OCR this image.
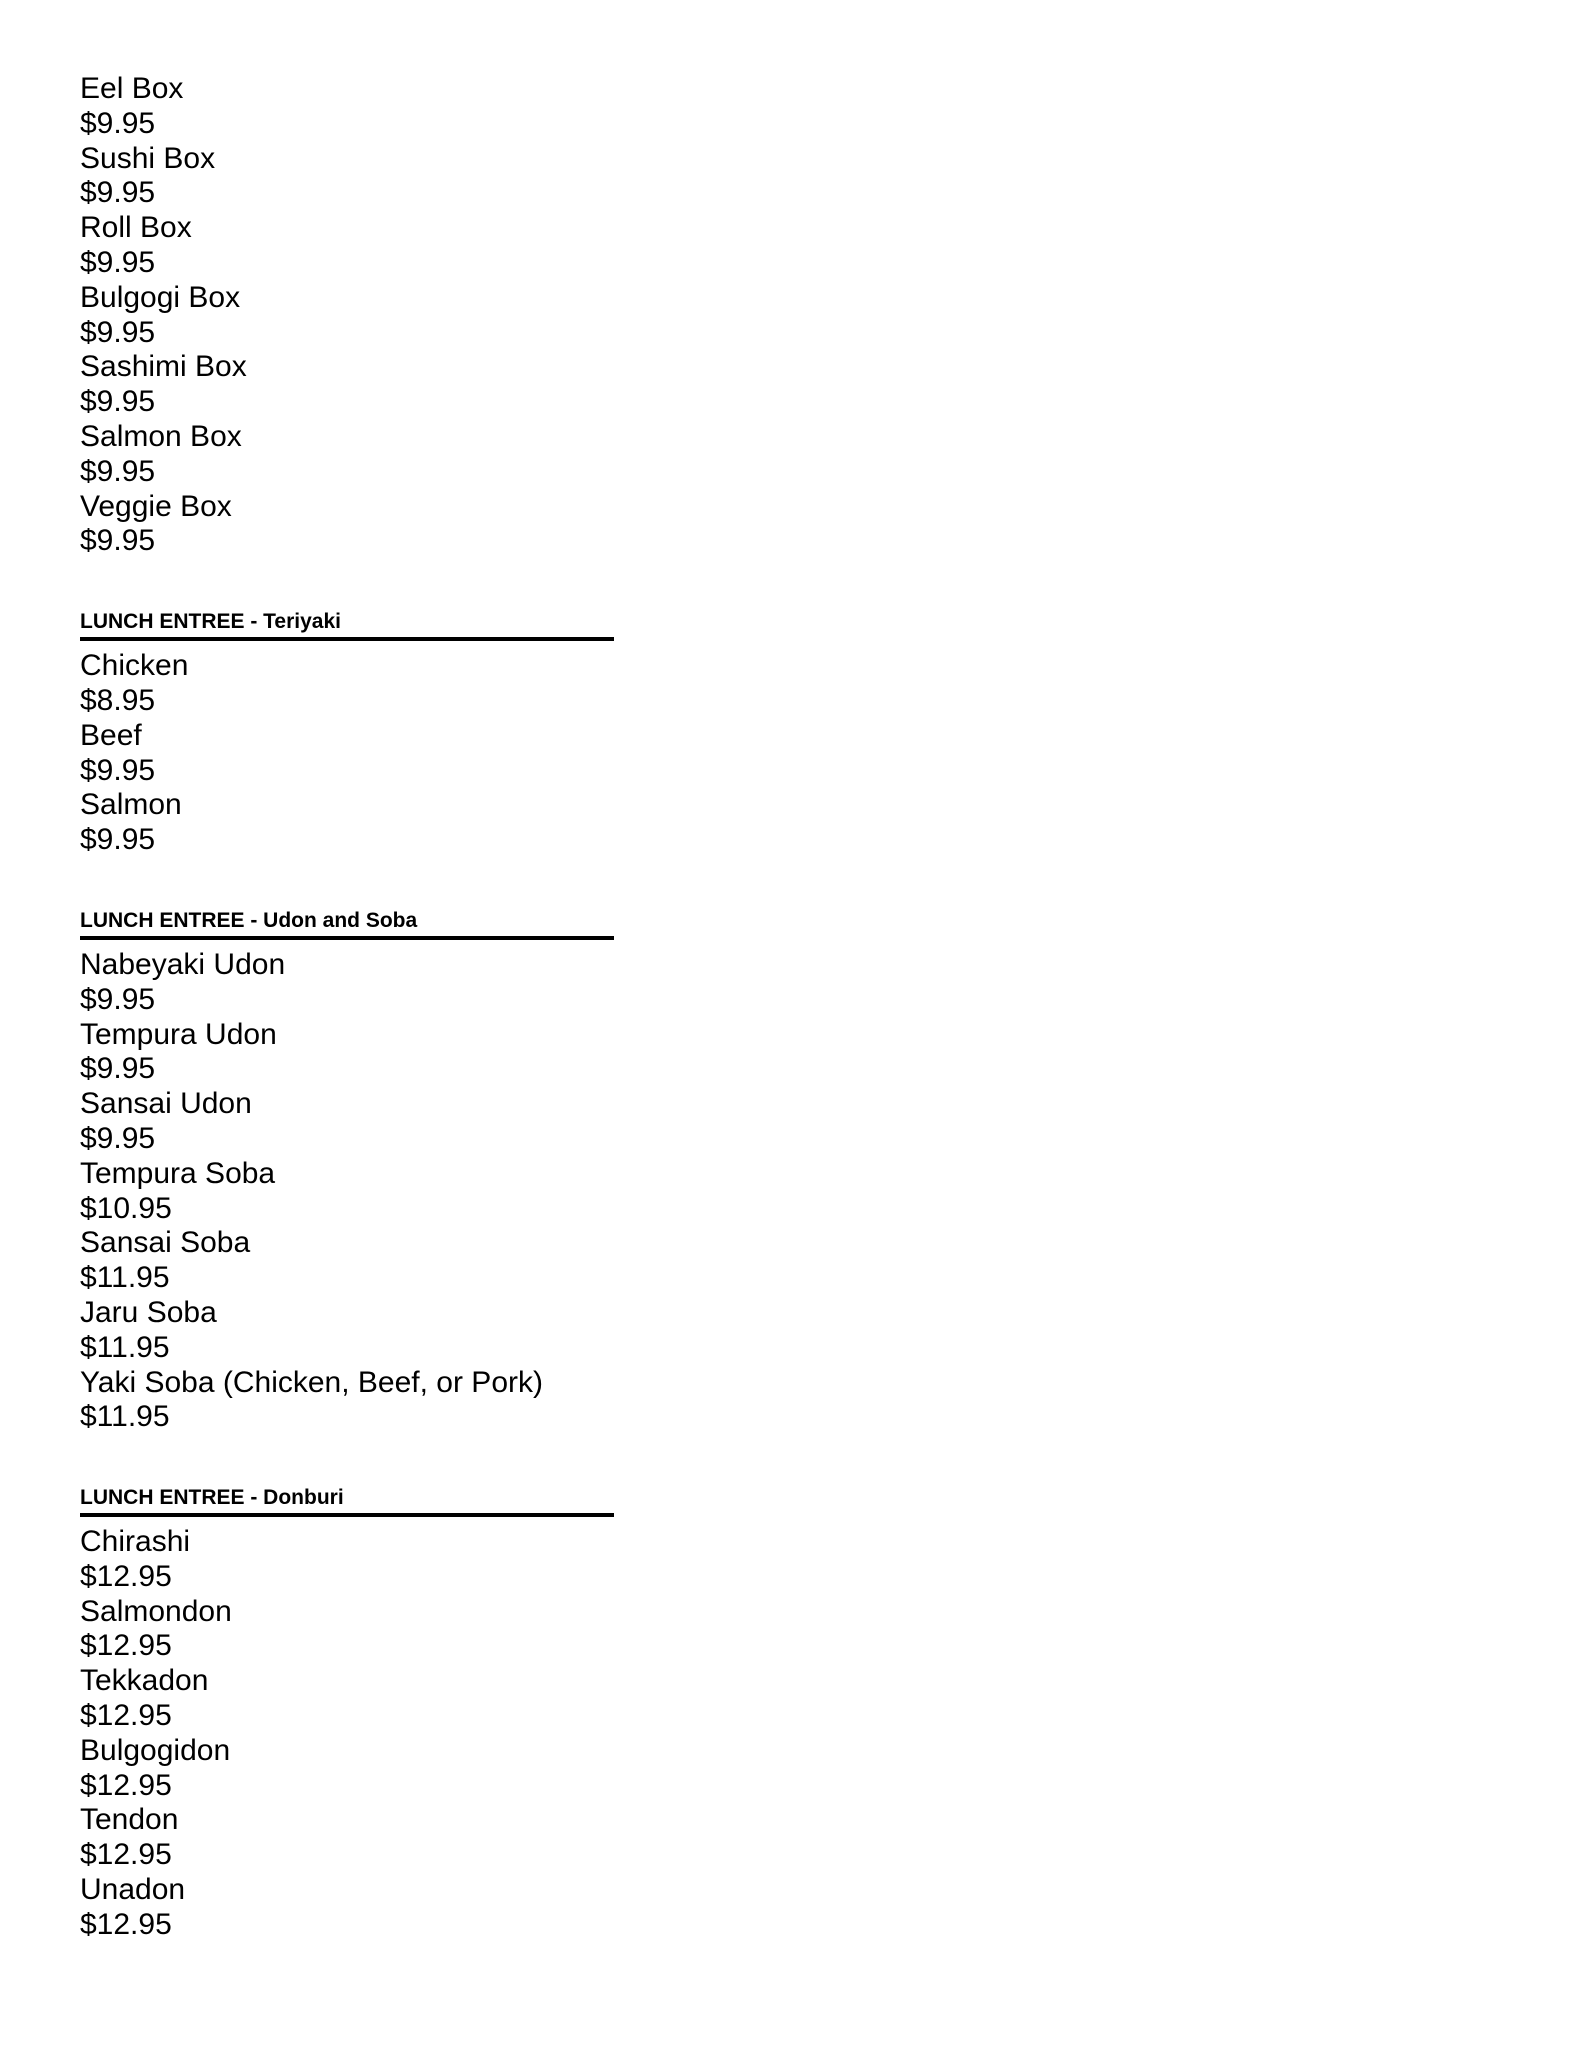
Eel Box
$9.95
Sushi Box
$9.95
Roll Box
$9.95
Bulgogi Box
$9.95
Sashimi Box
$9.95
Salmon Box
$9.95
Veggie Box
$9.95
LUNCH ENTREE - Teriyaki
Chicken
$8.95
Beef
$9.95
Salmon
$9.95
LUNCH ENTREE - Udon and Soba
Nabeyaki Udon
$9.95
Tempura Udon
$9.95
Sansai Udon
$9.95
Tempura Soba
$10.95
Sansai Soba
$11.95
Jaru Soba
$11.95
Yaki Soba (Chicken, Beef, or Pork)
$11.95
LUNCH ENTREE - Donburi
Chirashi
$12.95
Salmondon
$12.95
Tekkadon
$12.95
Bulgogidon
$12.95
Tendon
$12.95
Unadon
$12.95
